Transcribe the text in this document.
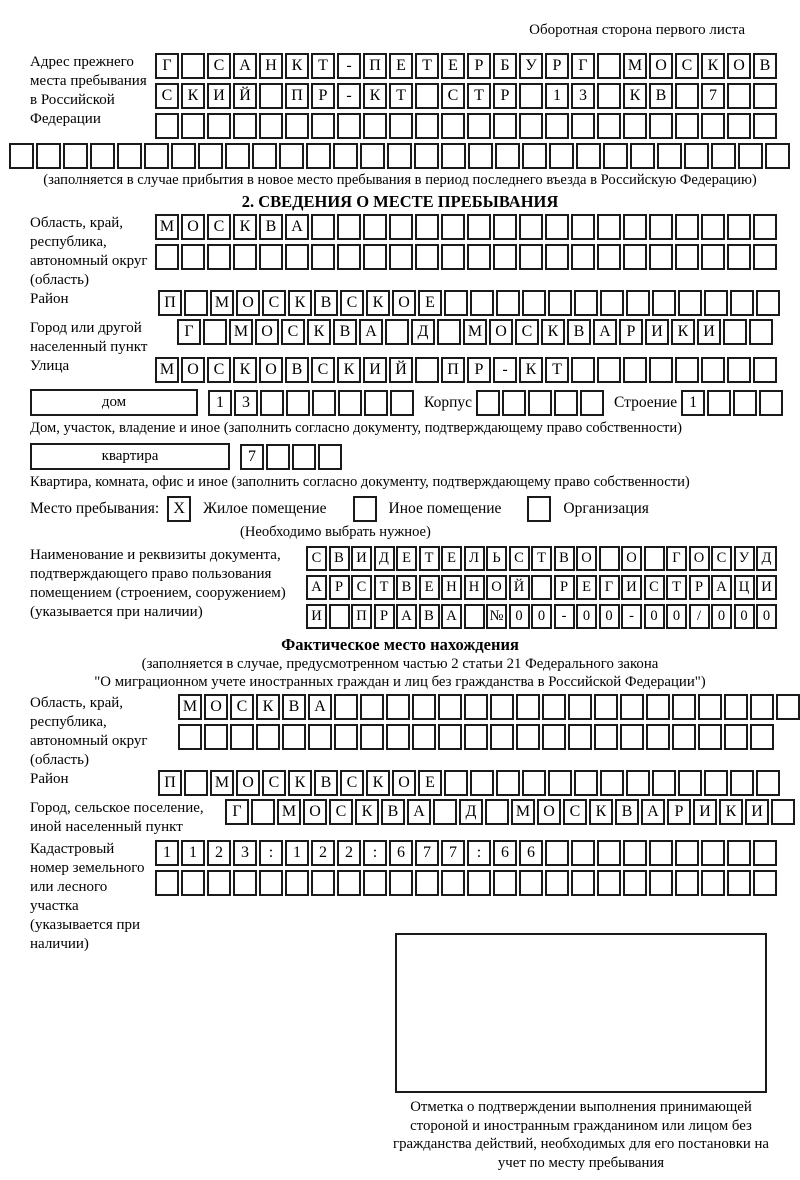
Оборотная сторона первого листа
Адрес прежнего места пребывания в Российской Федерации
Г	С А Н К Т	-	П Е	Т	Е	Р	Б У Р	Г	М О С К О В
С К И Й	П Р	-	К Т	С Т	Р	1	3	К В	7
(заполняется в случае прибытия в новое место пребывания в период последнего въезда в Российскую Федерацию)
2. СВЕДЕНИЯ О МЕСТЕ ПРЕБЫВАНИЯ
Область, край, республика, автономный округ (область)
М О С К В А
Район	П	М О С К В С К О Е
Город или другой населенный пункт
Г	М О С К В А	Д	М О С К В А Р И К И
Улица	М О С К О В С К И Й	П Р	-	К Т
дом	1	3	Корпус	Строение 1
Дом, участок, владение и иное (заполнить согласно документу, подтверждающему право собственности)
квартира	7
Квартира, комната, офис и иное (заполнить согласно документу, подтверждающему право собственности)
Место пребывания: X	Жилое помещение	Иное помещение	Организация
(Необходимо выбрать нужное)
Наименование и реквизиты документа, подтверждающего право пользования помещением (строением, сооружением) (указывается при наличии)
С В И Д Е Т Е Л Ь С Т В О	О	Г О С У Д
А Р С Т В Е Н Н О Й	Р Е Г И С Т Р А Ц И
И	П Р А В А	№ 0	0	-	0	0	-	0	0	/	0	0	0
Фактическое место нахождения
(заполняется в случае, предусмотренном частью 2 статьи 21 Федерального закона
"О миграционном учете иностранных граждан и лиц без гражданства в Российской Федерации")
Область, край, республика, автономный округ (область)
М О С К В А
Район	П	М О С К В С К О Е
Город, сельское поселение, иной населенный пункт
Г	М О С К В А	Д	М О С К В А Р И К И
Кадастровый номер земельного или лесного участка (указывается при наличии)
1	1	2	3	:	1	2	2	:	6	7	7	:	6	6
Отметка о подтверждении выполнения принимающей стороной и иностранным гражданином или лицом без гражданства действий, необходимых для его постановки на учет по месту пребывания
